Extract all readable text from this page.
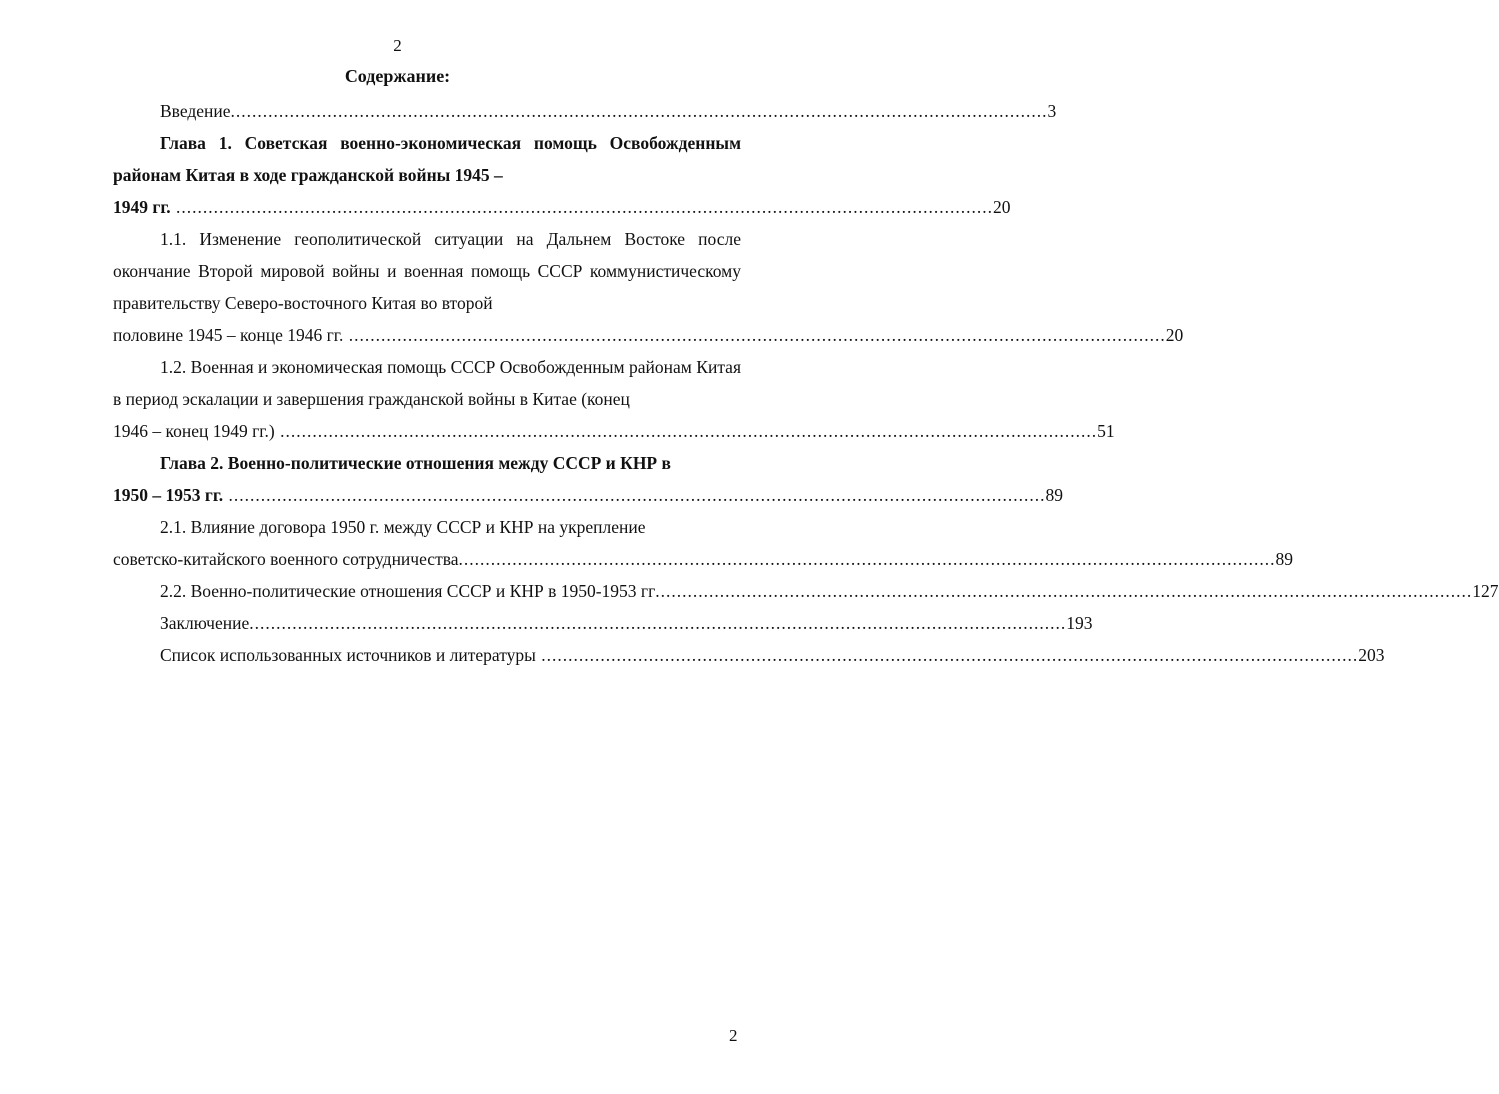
2
Содержание:
Введение ........................................................................................................................................................ 3

Глава 1. Советская военно-экономическая помощь Освобожденным районам Китая в ходе гражданской войны 1945 –

1949 гг. ........................................................................................................................................................ 20

1.1. Изменение геополитической ситуации на Дальнем Востоке после окончание Второй мировой войны и военная помощь СССР коммунистическому правительству Северо-восточного Китая во второй

половине 1945 – конце 1946 гг. ........................................................................................................................................................ 20

1.2. Военная и экономическая помощь СССР Освобожденным районам Китая в период эскалации и завершения гражданской войны в Китае (конец

1946 – конец 1949 гг.) ........................................................................................................................................................ 51

Глава 2. Военно-политические отношения между СССР и КНР в

1950 – 1953 гг. ........................................................................................................................................................ 89

2.1. Влияние договора 1950 г. между СССР и КНР на укрепление

советско-китайского военного сотрудничества ........................................................................................................................................................ 89
2.2. Военно-политические отношения СССР и КНР в 1950-1953 гг ........................................................................................................................................................ 127
Заключение ........................................................................................................................................................ 193
Список использованных источников и литературы ........................................................................................................................................................ 203
2
